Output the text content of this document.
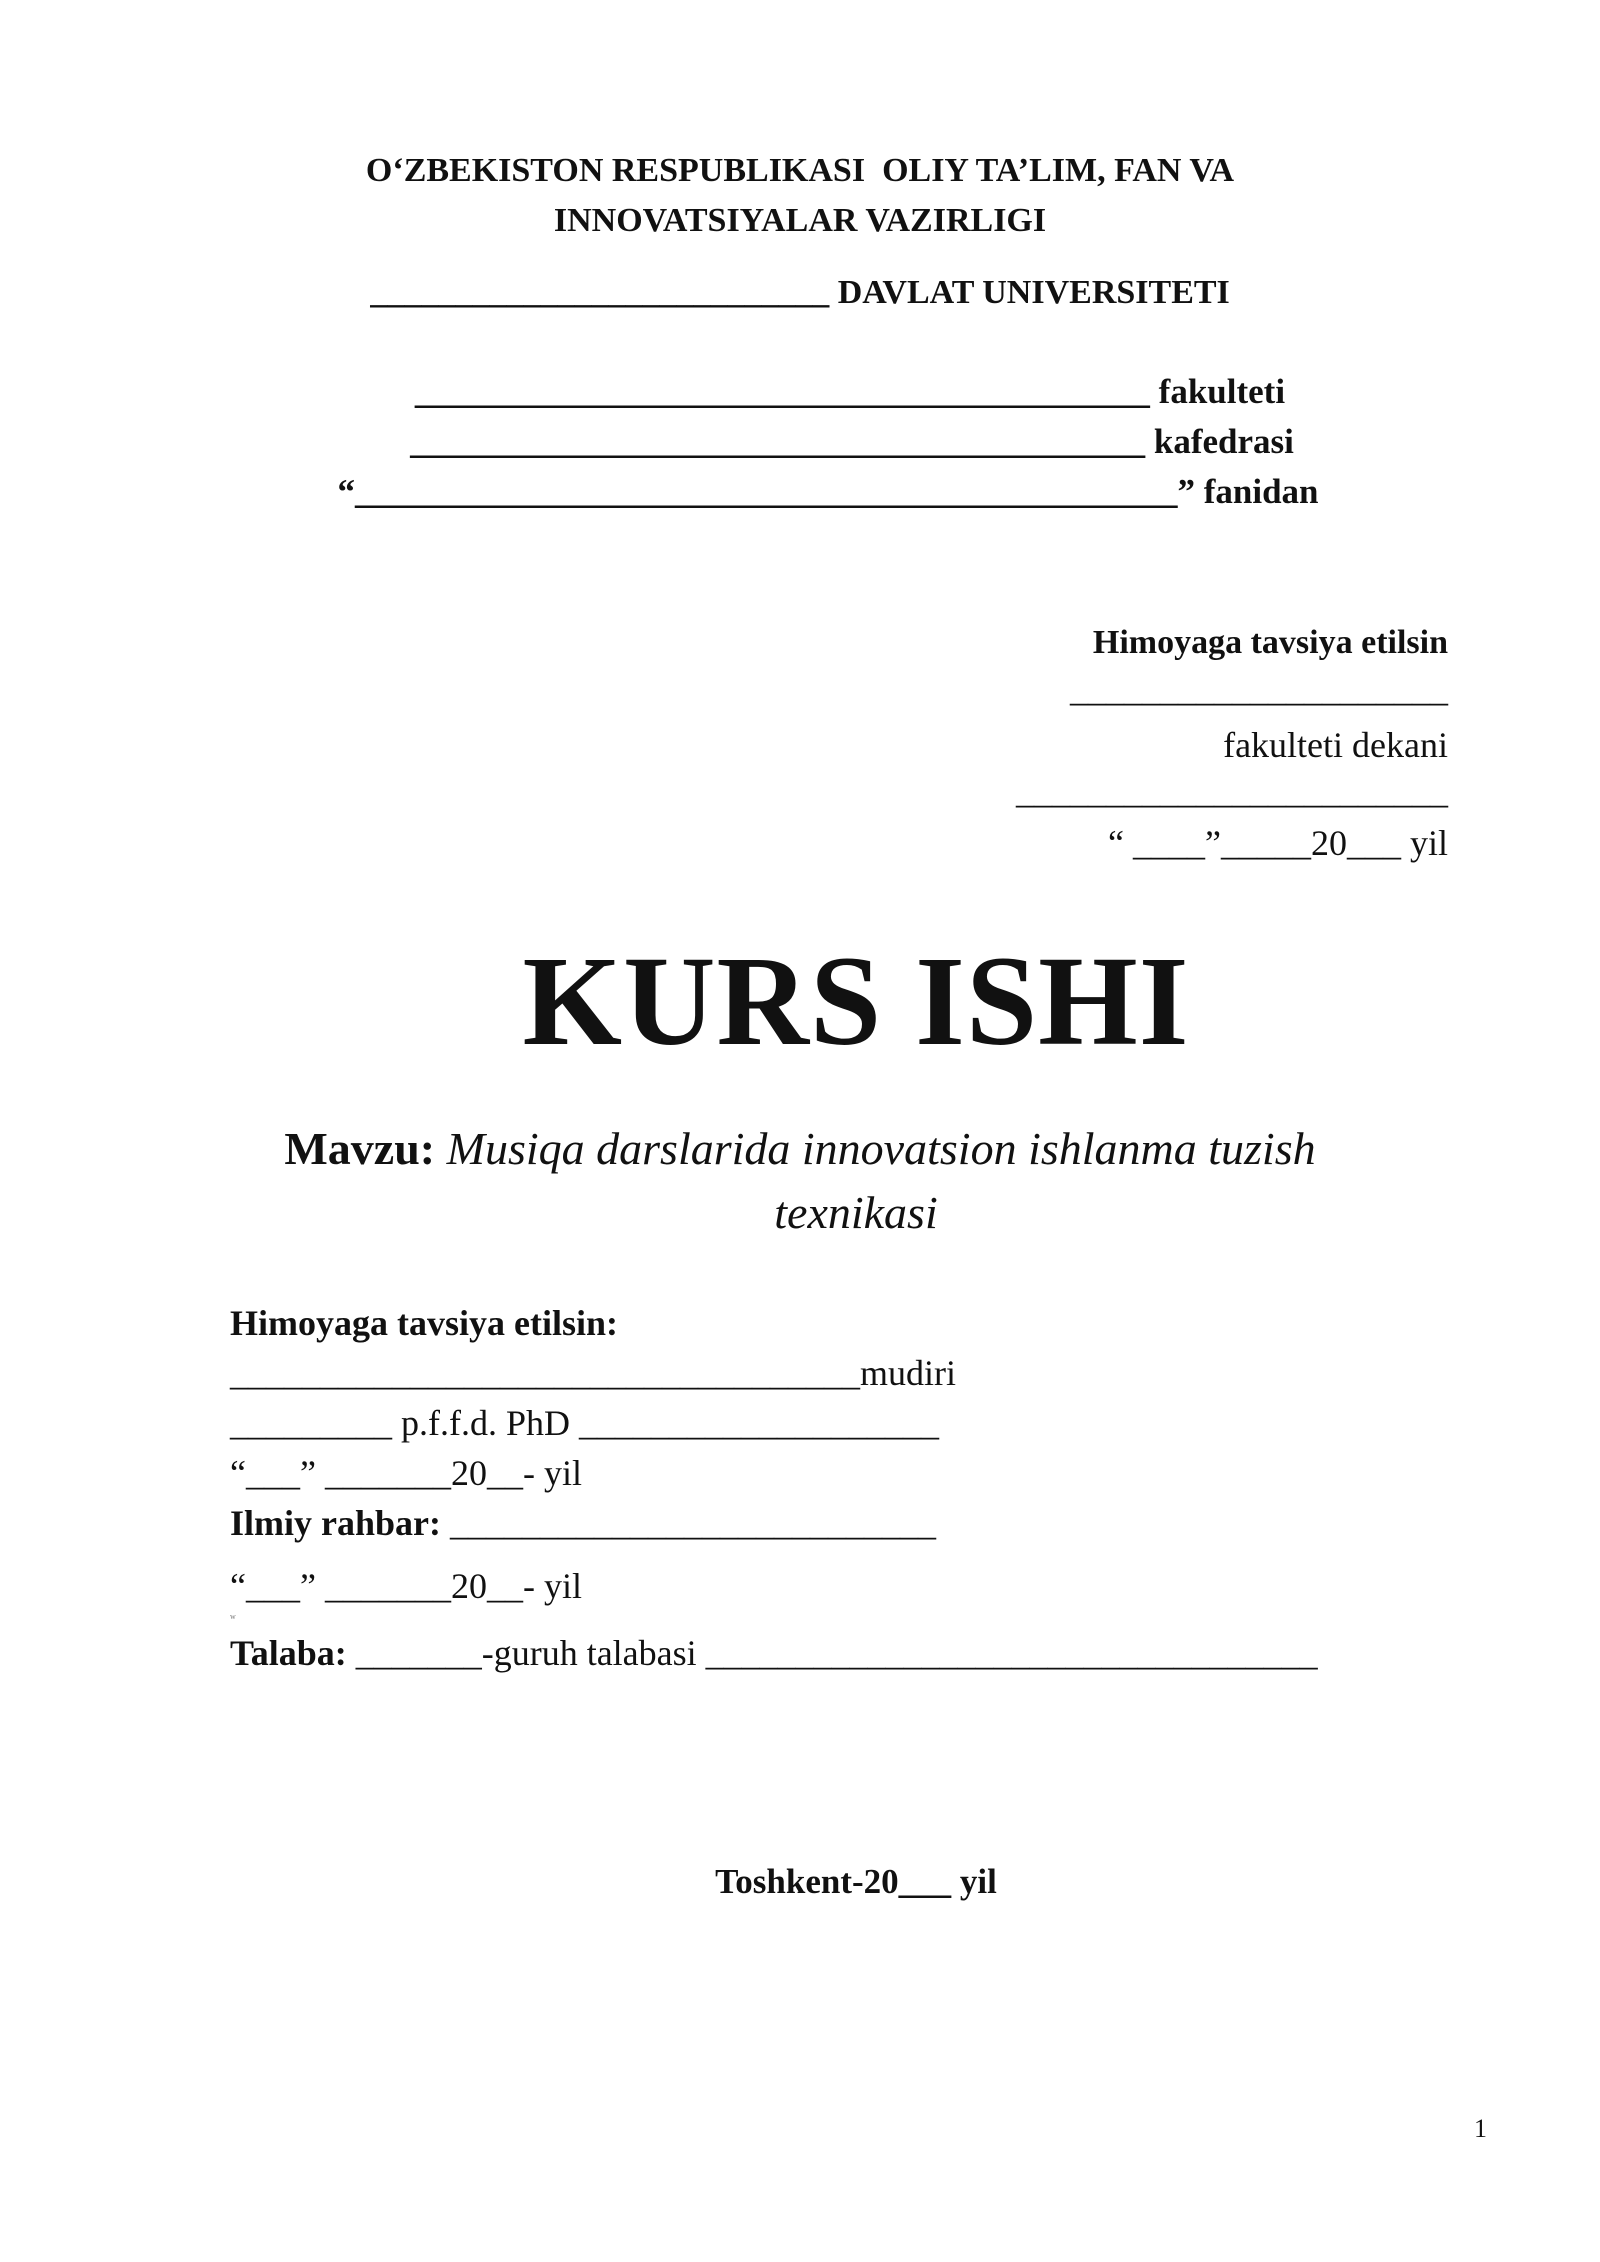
O‘ZBEKISTON RESPUBLIKASI  OLIY TA’LIM, FAN VA
INNOVATSIYALAR VAZIRLIGI
___________________________ DAVLAT UNIVERSITETI
__________________________________________ fakulteti
__________________________________________ kafedrasi
“_______________________________________________” fanidan
Himoyaga tavsiya etilsin
_____________________
fakulteti dekani
________________________
“ ____”_____20___ yil
KURS ISHI
Mavzu: Musiqa darslarida innovatsion ishlanma tuzish
texnikasi
Himoyaga tavsiya etilsin:
___________________________________mudiri
_________ p.f.f.d. PhD ____________________
“___” _______20__- yil
Ilmiy rahbar: ___________________________
“___” _______20__- yil
w
Talaba: _______-guruh talabasi __________________________________
Toshkent-20___ yil
1
